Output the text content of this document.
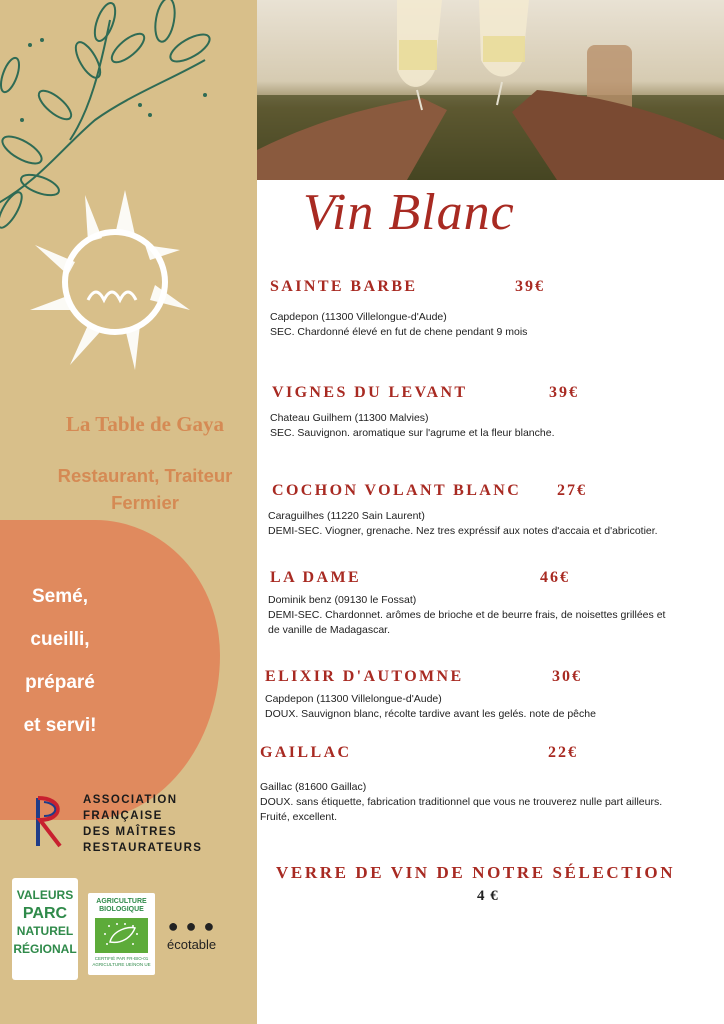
La Table de Gaya
Restaurant, Traiteur
Fermier
Semé,
cueilli,
préparé
et servi!
ASSOCIATION
FRANÇAISE
DES MAÎTRES
RESTAURATEURS
VALEURS
PARC
NATUREL
RÉGIONAL
AGRICULTURE
BIOLOGIQUE
CERTIFIÉ PAR FR-BIO-01 AGRICULTURE UE/NON UE
● ● ●
écotable
Vin Blanc
SAINTE BARBE	39€
Capdepon (11300 Villelongue-d'Aude)
SEC. Chardonné élevé en fut de chene pendant 9 mois
VIGNES DU LEVANT	39€
Chateau Guilhem (11300 Malvies)
SEC. Sauvignon. aromatique sur l'agrume et la fleur blanche.
COCHON VOLANT BLANC 27€
Caraguilhes (11220 Sain Laurent)
DEMI-SEC. Viogner, grenache. Nez tres expréssif aux notes d'accaia et d'abricotier.
LA DAME	46€
Dominik benz (09130 le Fossat)
DEMI-SEC. Chardonnet. arômes de brioche et de beurre frais, de noisettes grillées et
de vanille de Madagascar.
ELIXIR D'AUTOMNE	30€
Capdepon (11300 Villelongue-d'Aude)
DOUX. Sauvignon blanc, récolte tardive avant les gelés. note de pêche
GAILLAC	22€
Gaillac (81600 Gaillac)
DOUX. sans étiquette, fabrication traditionnel que vous ne trouverez nulle part ailleurs.
Fruité, excellent.
VERRE DE VIN DE NOTRE SÉLECTION
4 €
